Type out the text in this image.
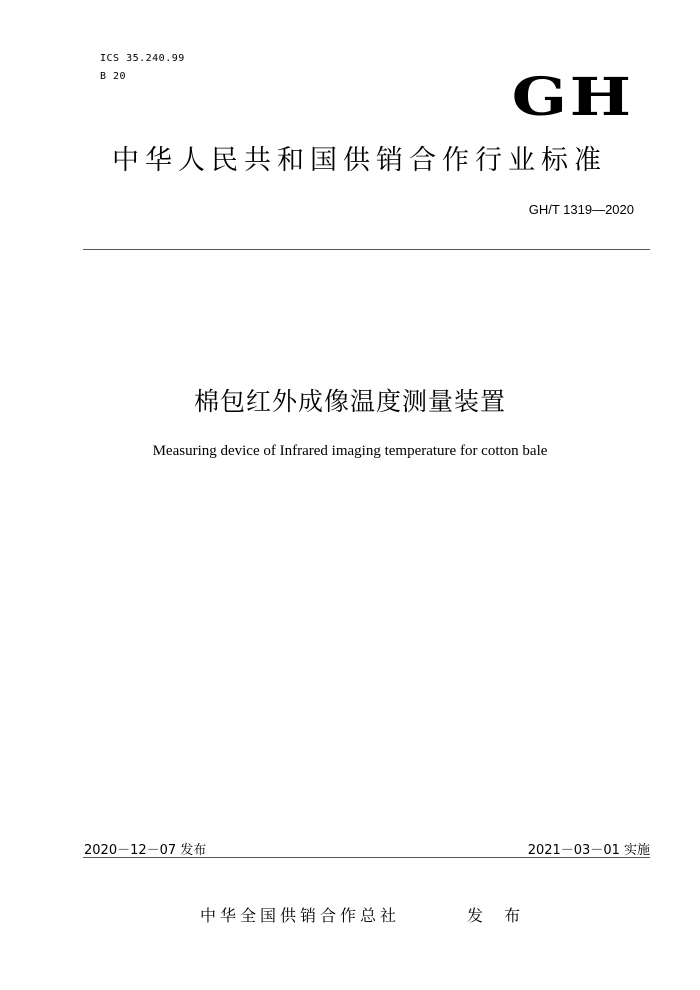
ICS 35.240.99
B 20	GH
中华人民共和国供销合作行业标准
GH/T 1319—2020
棉包红外成像温度测量装置
Measuring device of Infrared imaging temperature for cotton bale
2020－12－07 发布	2021－03－01 实施
中华全国供销合作总社	发 布
